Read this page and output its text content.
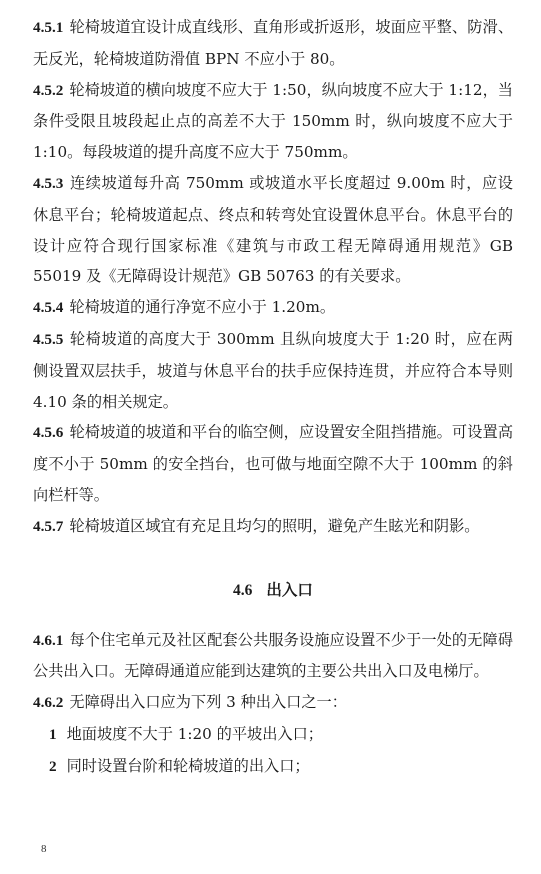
4.5.1 轮椅坡道宜设计成直线形、直角形或折返形，坡面应平整、防滑、无反光，轮椅坡道防滑值 BPN 不应小于 80。

4.5.2 轮椅坡道的横向坡度不应大于 1:50，纵向坡度不应大于 1:12，当条件受限且坡段起止点的高差不大于 150mm 时，纵向坡度不应大于 1:10。每段坡道的提升高度不应大于 750mm。

4.5.3 连续坡道每升高 750mm 或坡道水平长度超过 9.00m 时，应设休息平台；轮椅坡道起点、终点和转弯处宜设置休息平台。休息平台的设计应符合现行国家标准《建筑与市政工程无障碍通用规范》GB 55019 及《无障碍设计规范》GB 50763 的有关要求。

4.5.4 轮椅坡道的通行净宽不应小于 1.20m。

4.5.5 轮椅坡道的高度大于 300mm 且纵向坡度大于 1:20 时，应在两侧设置双层扶手，坡道与休息平台的扶手应保持连贯，并应符合本导则 4.10 条的相关规定。

4.5.6 轮椅坡道的坡道和平台的临空侧，应设置安全阻挡措施。可设置高度不小于 50mm 的安全挡台，也可做与地面空隙不大于 100mm 的斜向栏杆等。

4.5.7 轮椅坡道区域宜有充足且均匀的照明，避免产生眩光和阴影。

4.6 出入口

4.6.1 每个住宅单元及社区配套公共服务设施应设置不少于一处的无障碍公共出入口。无障碍通道应能到达建筑的主要公共出入口及电梯厅。

4.6.2 无障碍出入口应为下列 3 种出入口之一：

1 地面坡度不大于 1:20 的平坡出入口；

2 同时设置台阶和轮椅坡道的出入口；

8
